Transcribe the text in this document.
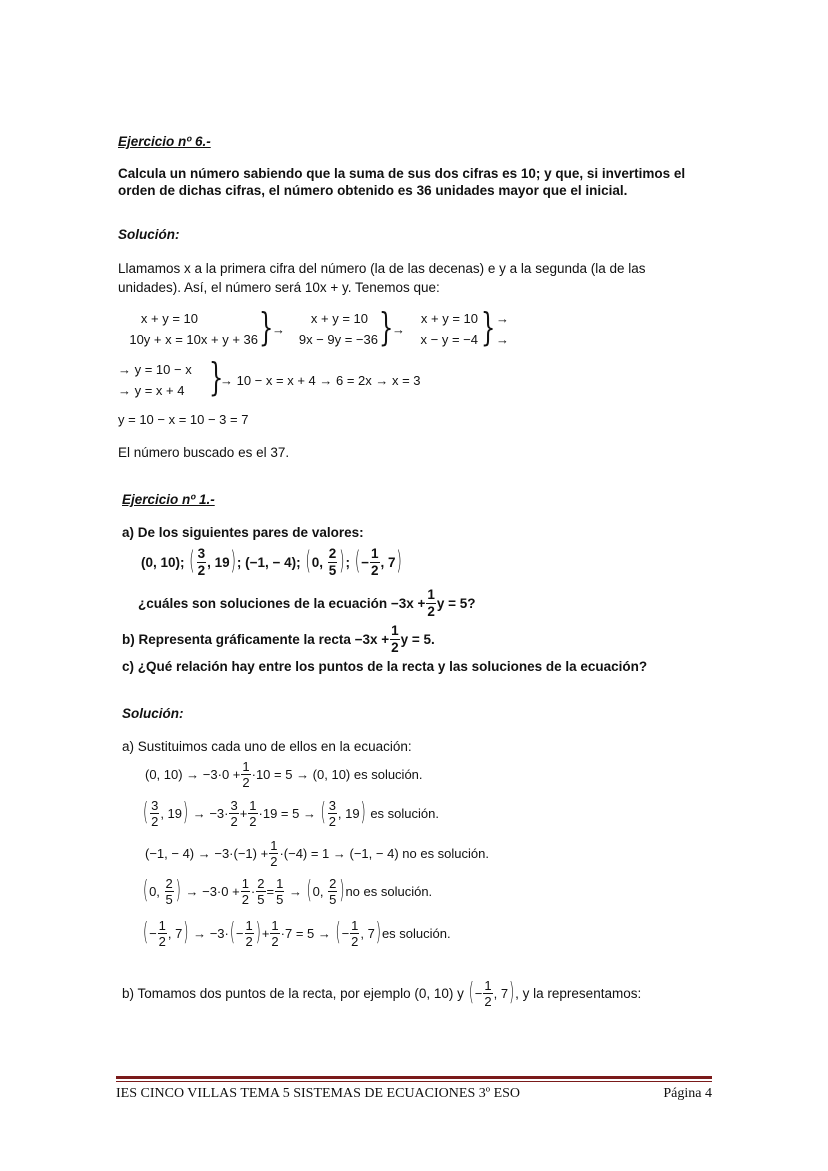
Ejercicio nº 6.-
Calcula un número sabiendo que la suma de sus dos cifras es 10; y que, si invertimos el
orden de dichas cifras, el número obtenido es 36 unidades mayor que el inicial.
Solución:
Llamamos x a la primera cifra del número (la de las decenas) e y a la segunda (la de las
unidades). Así, el número será 10x + y. Tenemos que:
x + y = 10
10y + x = 10x + y + 36 }
→
x + y = 10
9x − 9y = −36 }
→
x + y = 10
x − y = −4 } →
→
→ y = 10 − x
→ y = x + 4 }
→ 10 − x = x + 4 → 6 = 2x → x = 3
y = 10 − x = 10 − 3 = 7
El número buscado es el 37.
Ejercicio nº 1.-
a) De los siguientes pares de valores:
(0, 10);
( $\frac{3}{2}$ , 19 ) ; (−1, − 4);
( 0,
$\frac{2}{5}$ ) ;
( − $\frac{1}{2}$ , 7 )
¿cuáles son soluciones de la ecuación $-3x + \frac{1}{2}$ y = 5?
b) Representa gráficamente la recta $-3x + \frac{1}{2}$ y = 5.
c) ¿Qué relación hay entre los puntos de la recta y las soluciones de la ecuación?
Solución:
a) Sustituimos cada uno de ellos en la ecuación:
(0, $10) \to -3\cdot 0 + \frac{1}{2} \cdot 10 = 5 \to (0$, 10) es solución.
( $\frac{3}{2}$ , 19 )
→ $-3\cdot \frac{3}{2} + \frac{1}{2} \cdot 19 = 5$ →
( $\frac{3}{2}$ , 19 )
es solución.
(−1, − $4) \to -3\cdot(-1) + \frac{1}{2} \cdot(-4) = 1 \to (-1$, − 4) no es solución.
( 0,
$\frac{2}{5}$ )
→ $-3\cdot 0 + \frac{1}{2} \cdot \frac{2}{5} = \frac{1}{5}$
→
( 0,
$\frac{2}{5}$ ) no es solución.
( − $\frac{1}{2}$ , 7 )
→ −3· ( − $\frac{1}{2}$ ) + $\frac{1}{2} \cdot 7 = 5$ →
( − $\frac{1}{2}$ , 7 ) es solución.
b) Tomamos dos puntos de la recta, por ejemplo (0, 10) y
( − $\frac{1}{2}$ , 7 ) , y la representamos:
IES CINCO VILLAS TEMA 5 SISTEMAS DE ECUACIONES 3º ESO	Página 4
